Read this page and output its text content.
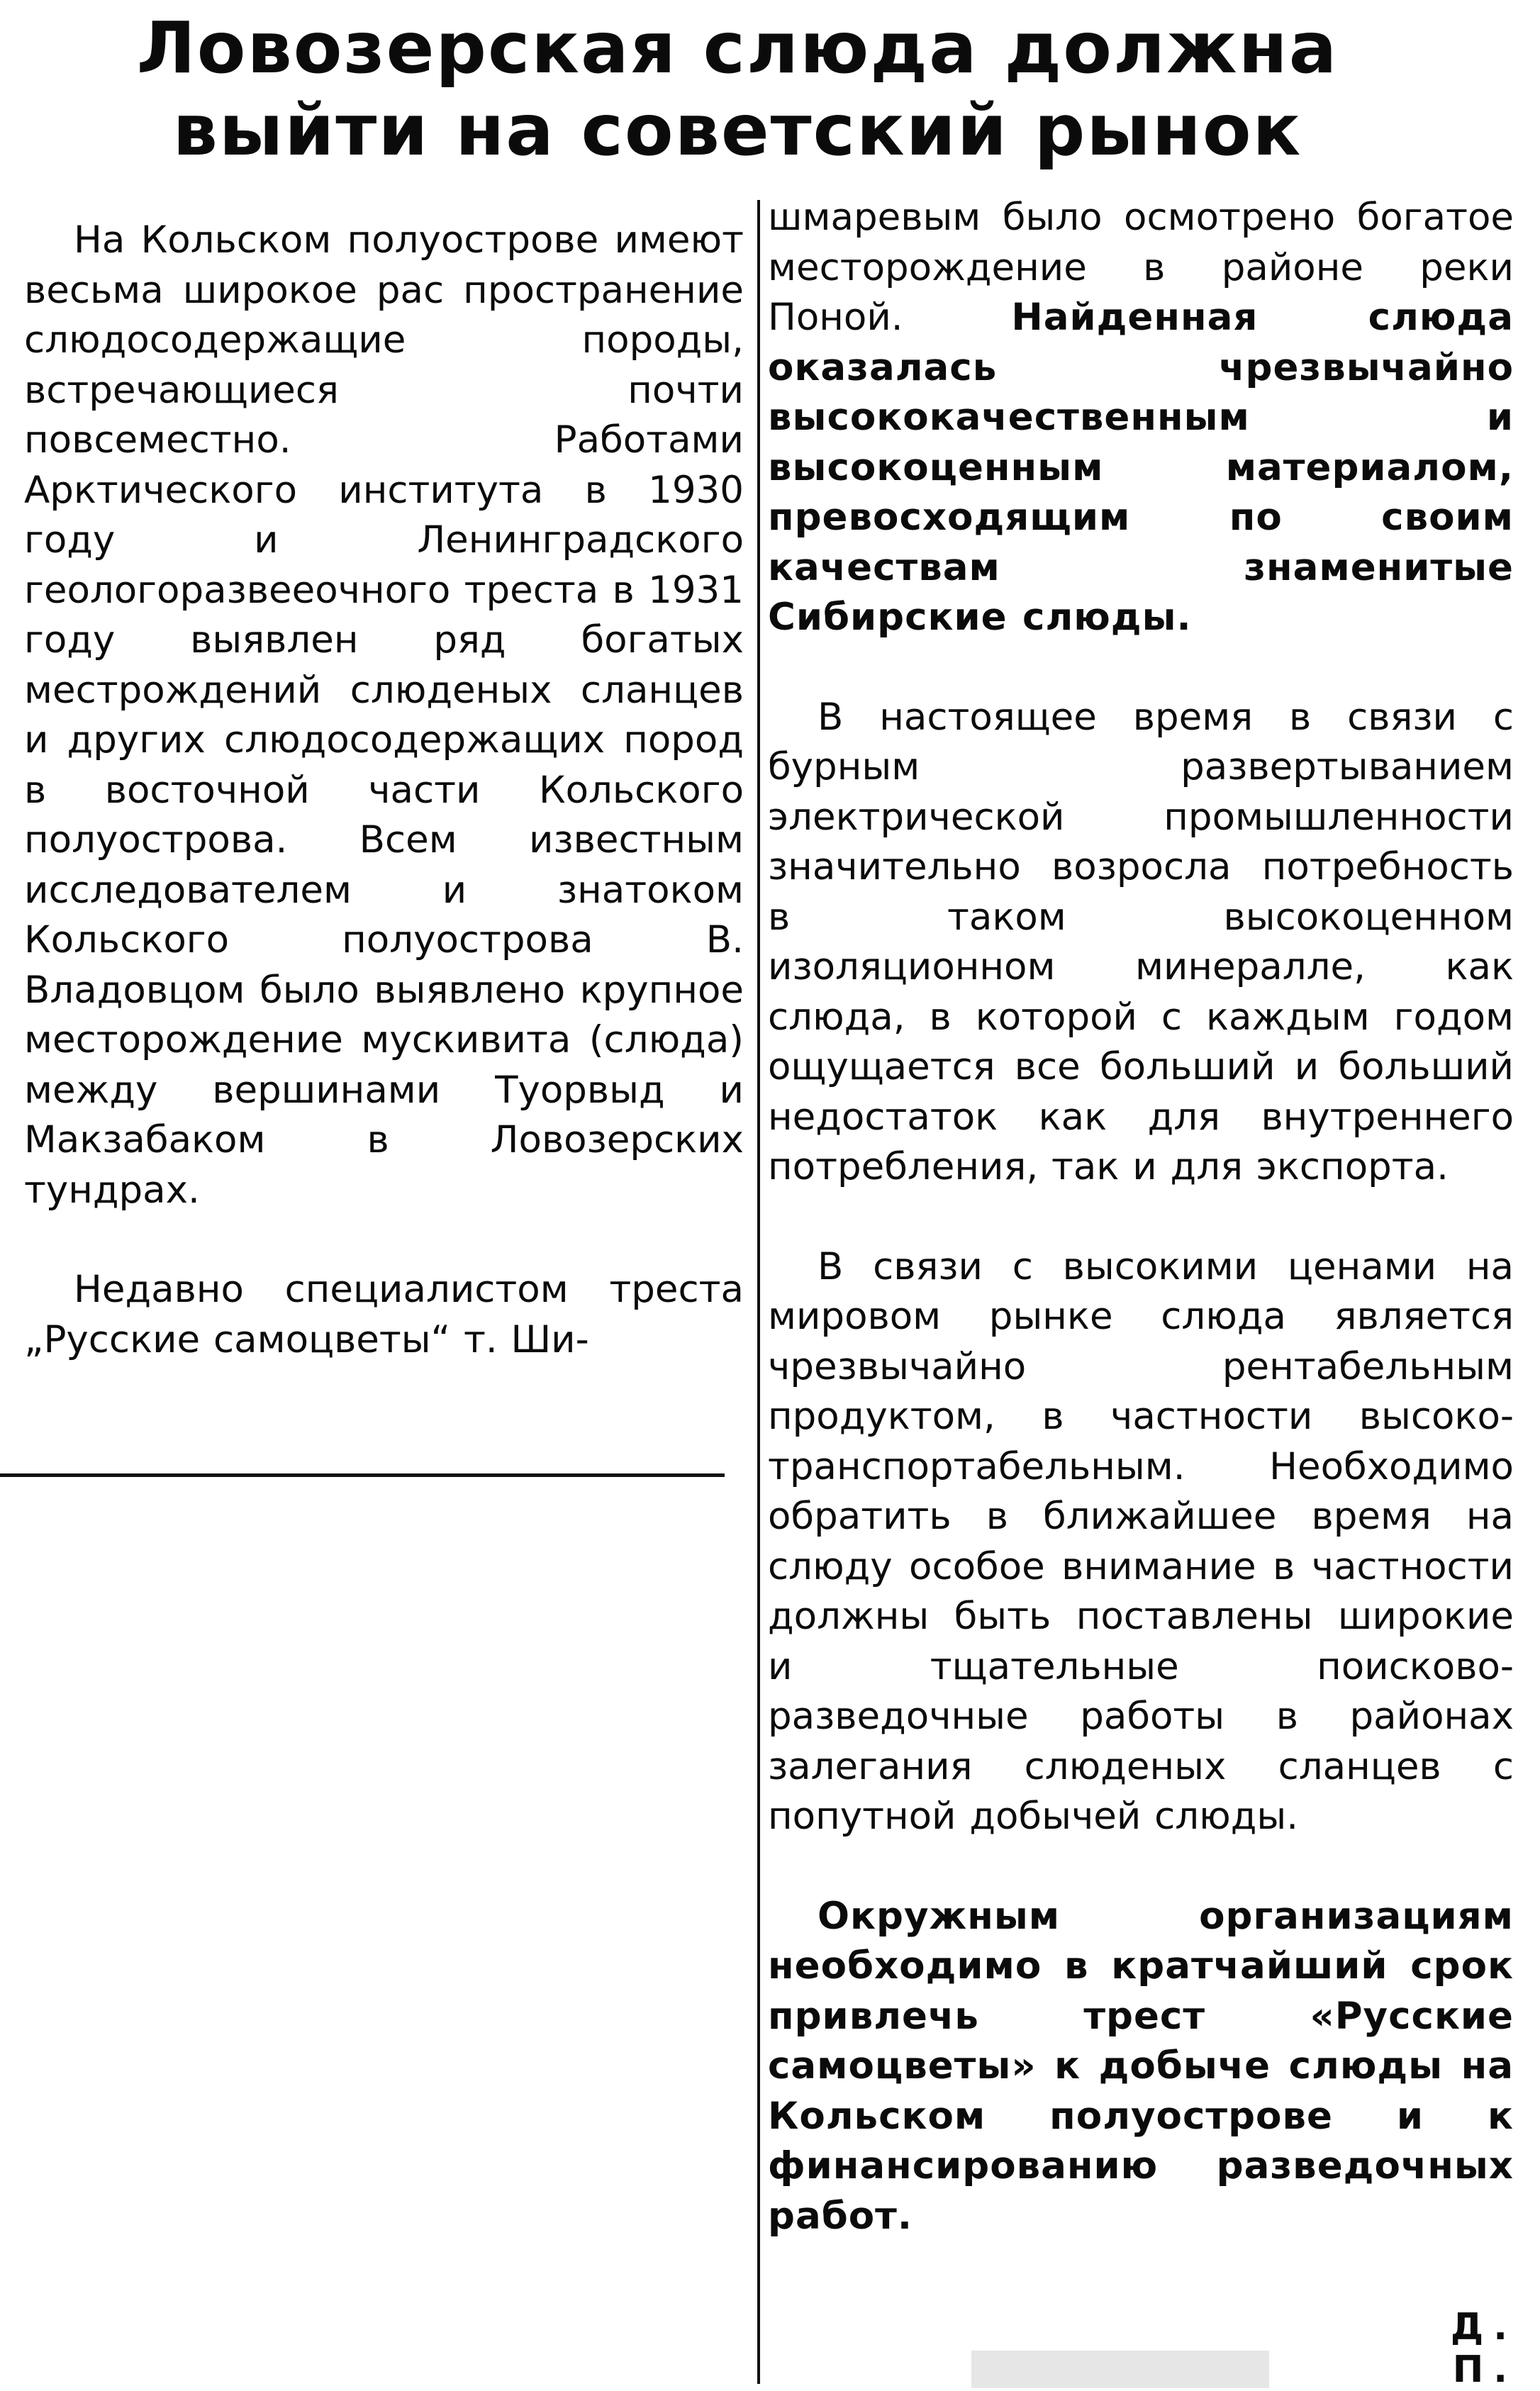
Ловозерская слюда должна
выйти на советский рынок

На Кольском полуострове имеют весьма широкое рас пространение слюдосодержащие породы, встречающиеся почти повсеместно. Работами Арктического института в 1930 году и Ленинградского геологоразвееочного треста в 1931 году выявлен ряд богатых местрождений слюденых сланцев и других слюдосодержащих пород в восточной части Кольского полуострова. Всем известным исследователем и знатоком Кольского полуострова В. Владовцом было выявлено крупное месторождение мускивита (слюда) между вершинами Туорвыд и Макзабаком в Ловозерских тундрах.

Недавно специалистом треста „Русские самоцветы“ т. Ши-

шмаревым было осмотрено богатое месторождение в районе реки Поной.	Найденная слюда оказалась чрезвычайно высококачественным и высокоценным материалом, превосходящим по своим качествам знаменитые Сибирские слюды.

В настоящее время в связи с бурным развертыванием электрической промышленности значительно возросла потребность в таком высокоценном изоляционном минералле, как слюда, в которой с каждым годом ощущается все больший и больший недостаток как для внутреннего потребления, так и для экспорта.

В связи с высокими ценами на мировом рынке слюда является чрезвычайно рентабельным продуктом, в частности высоко-транспортабельным. Необходимо обратить в ближайшее время на слюду особое внимание в частности должны быть поставлены широкие и тщательные поисково-разведочные работы в районах залегания слюденых сланцев с попутной добычей слюды.

Окружным организациям необходимо в кратчайший срок привлечь трест «Русские самоцветы» к добыче слюды на Кольском полуострове и к финансированию разведочных работ.

Д. П.
